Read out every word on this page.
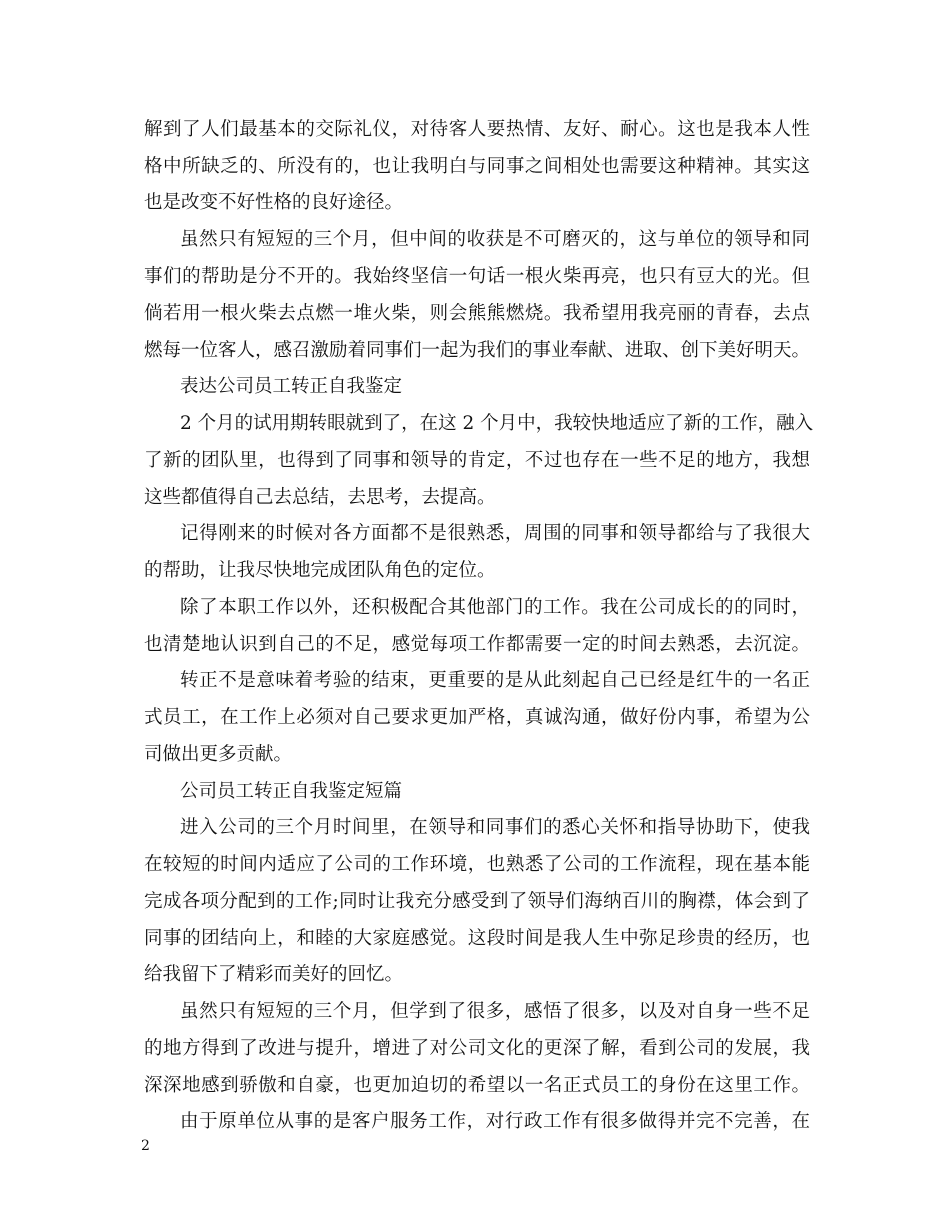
解到了人们最基本的交际礼仪，对待客人要热情、友好、耐心。这也是我本人性
格中所缺乏的、所没有的，也让我明白与同事之间相处也需要这种精神。其实这
也是改变不好性格的良好途径。
虽然只有短短的三个月，但中间的收获是不可磨灭的，这与单位的领导和同
事们的帮助是分不开的。我始终坚信一句话一根火柴再亮，也只有豆大的光。但
倘若用一根火柴去点燃一堆火柴，则会熊熊燃烧。我希望用我亮丽的青春，去点
燃每一位客人，感召激励着同事们一起为我们的事业奉献、进取、创下美好明天。
表达公司员工转正自我鉴定
2 个月的试用期转眼就到了，在这 2 个月中，我较快地适应了新的工作，融入
了新的团队里，也得到了同事和领导的肯定，不过也存在一些不足的地方，我想
这些都值得自己去总结，去思考，去提高。
记得刚来的时候对各方面都不是很熟悉，周围的同事和领导都给与了我很大
的帮助，让我尽快地完成团队角色的定位。
除了本职工作以外，还积极配合其他部门的工作。我在公司成长的的同时，
也清楚地认识到自己的不足，感觉每项工作都需要一定的时间去熟悉，去沉淀。
转正不是意味着考验的结束，更重要的是从此刻起自己已经是红牛的一名正
式员工，在工作上必须对自己要求更加严格，真诚沟通，做好份内事，希望为公
司做出更多贡献。
公司员工转正自我鉴定短篇
进入公司的三个月时间里，在领导和同事们的悉心关怀和指导协助下，使我
在较短的时间内适应了公司的工作环境，也熟悉了公司的工作流程，现在基本能
完成各项分配到的工作;同时让我充分感受到了领导们海纳百川的胸襟，体会到了
同事的团结向上，和睦的大家庭感觉。这段时间是我人生中弥足珍贵的经历，也
给我留下了精彩而美好的回忆。
虽然只有短短的三个月，但学到了很多，感悟了很多，以及对自身一些不足
的地方得到了改进与提升，增进了对公司文化的更深了解，看到公司的发展，我
深深地感到骄傲和自豪，也更加迫切的希望以一名正式员工的身份在这里工作。
由于原单位从事的是客户服务工作，对行政工作有很多做得并完不完善，在
2
